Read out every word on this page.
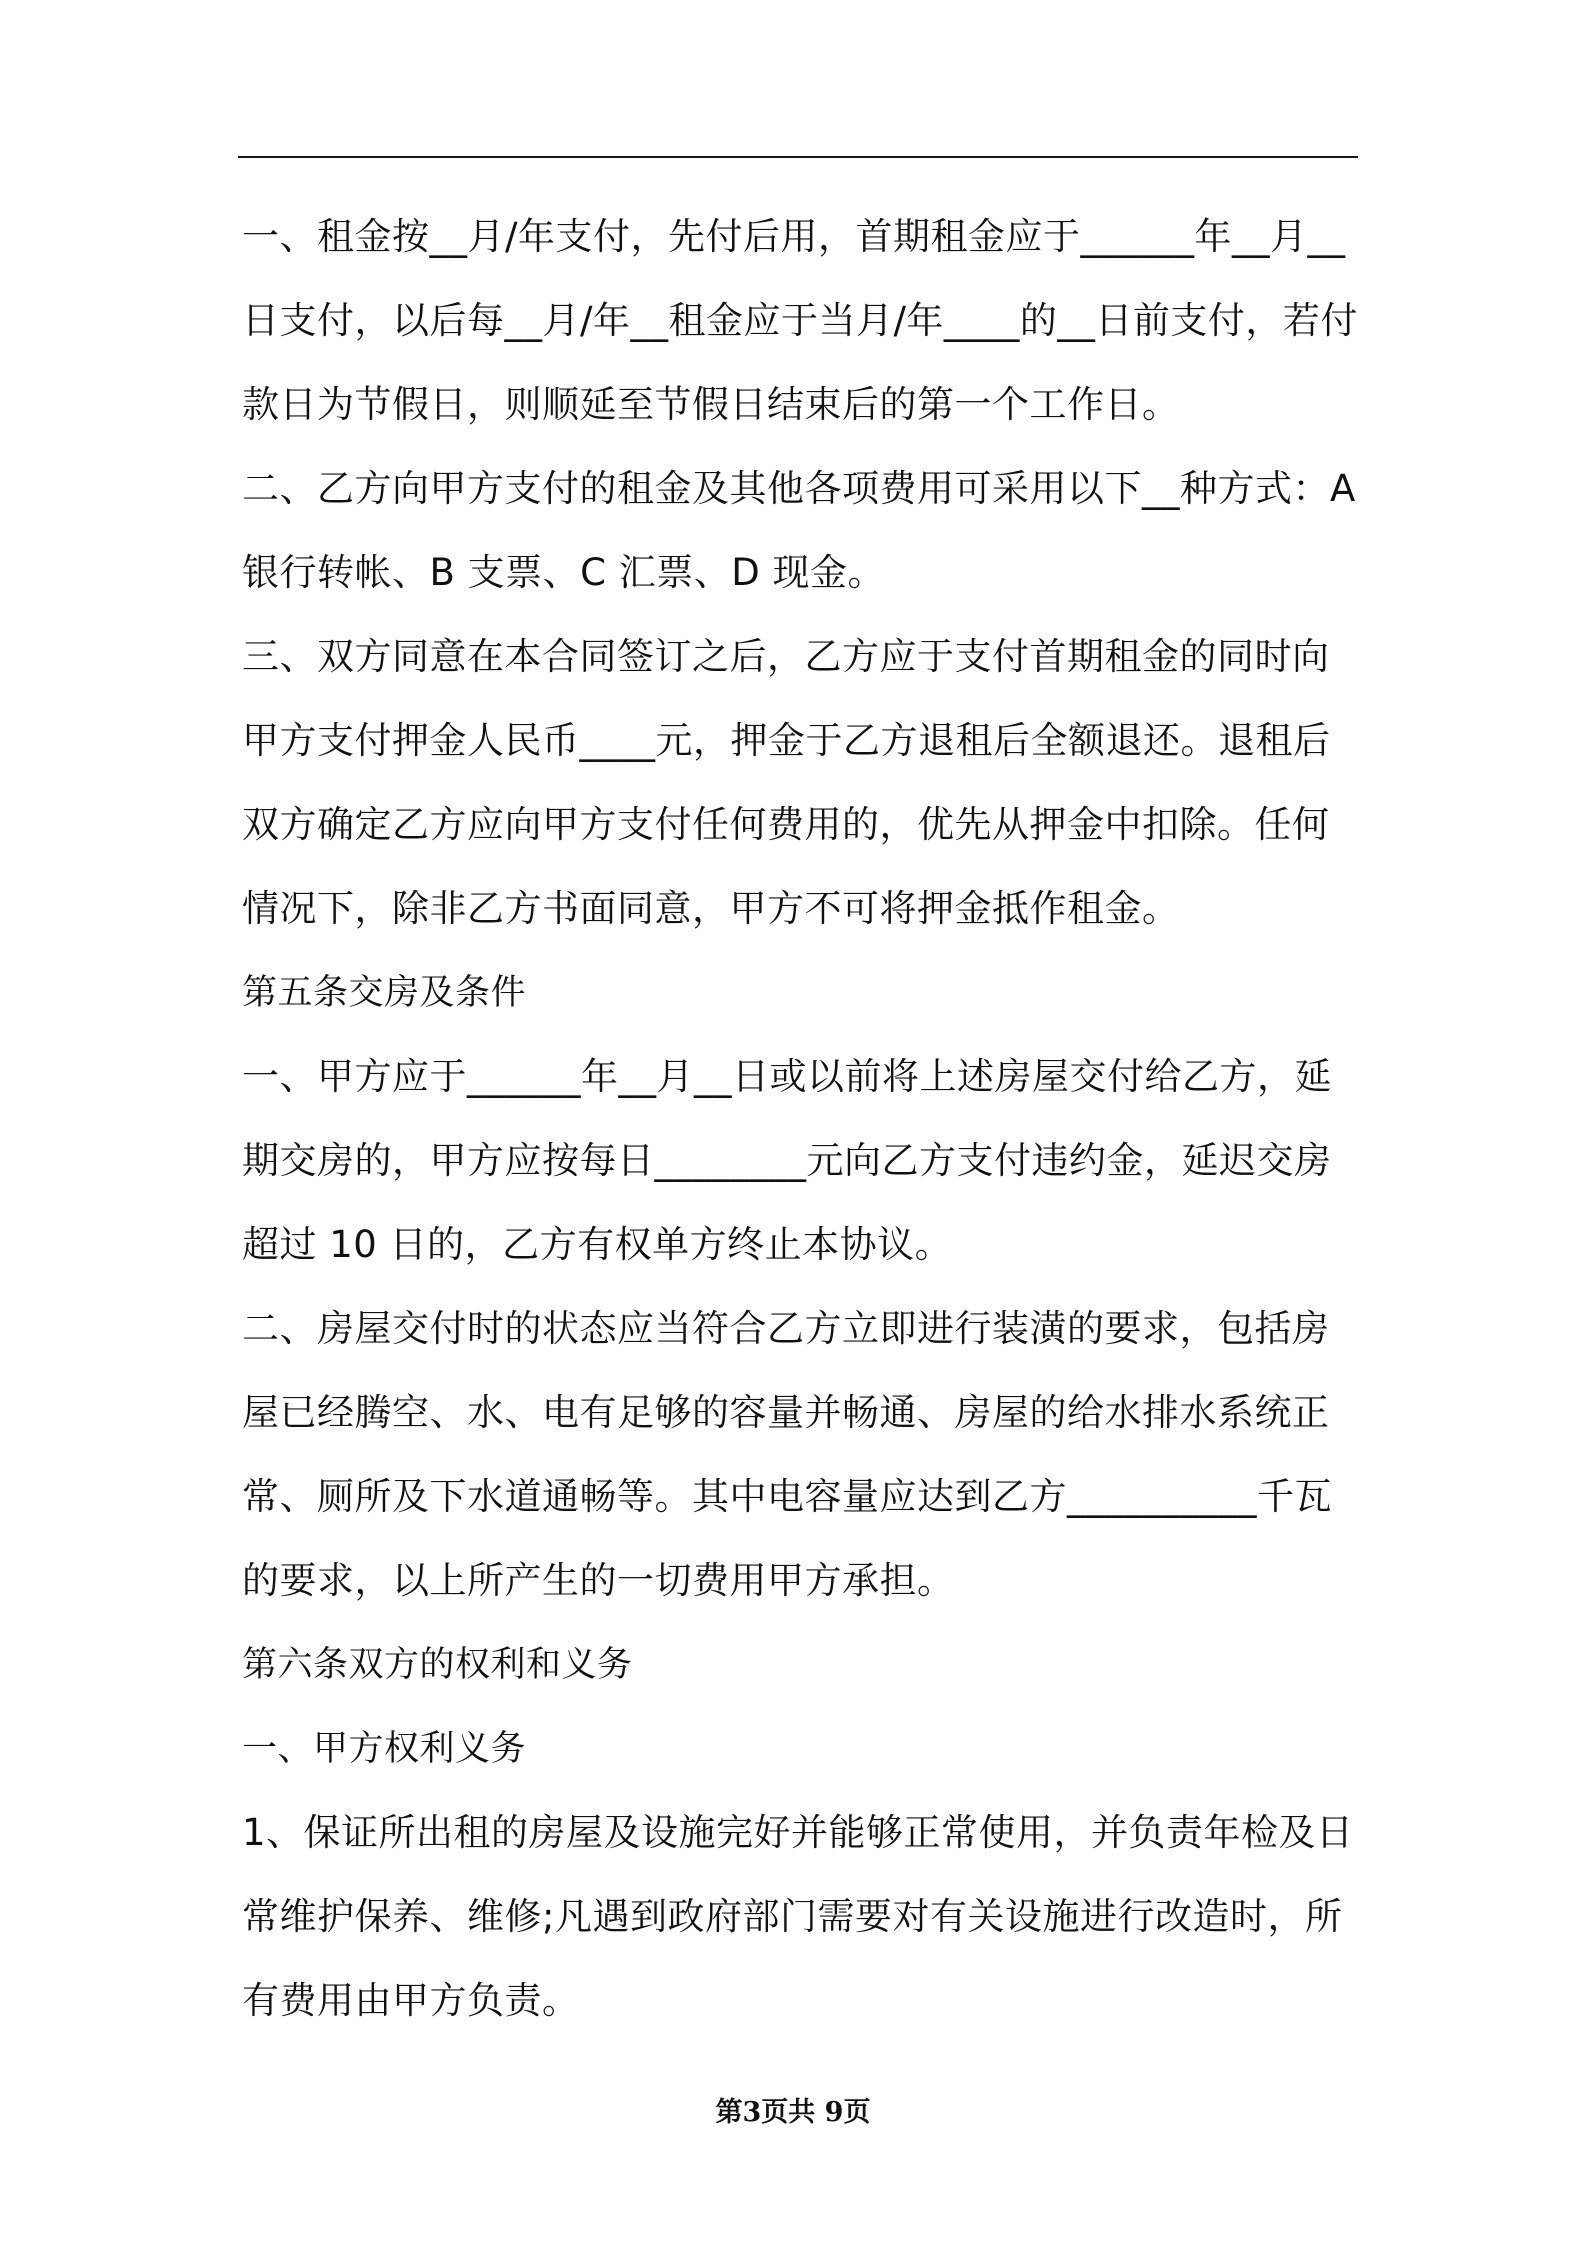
一、租金按__月/年支付，先付后用，首期租金应于______年__月__日支付，以后每__月/年__租金应于当月/年____的__日前支付，若付款日为节假日，则顺延至节假日结束后的第一个工作日。

二、乙方向甲方支付的租金及其他各项费用可采用以下__种方式：A银行转帐、B 支票、C 汇票、D 现金。

三、双方同意在本合同签订之后，乙方应于支付首期租金的同时向甲方支付押金人民币____元，押金于乙方退租后全额退还。退租后双方确定乙方应向甲方支付任何费用的，优先从押金中扣除。任何情况下，除非乙方书面同意，甲方不可将押金抵作租金。

第五条交房及条件

一、甲方应于______年__月__日或以前将上述房屋交付给乙方，延期交房的，甲方应按每日________元向乙方支付违约金，延迟交房超过 10 日的，乙方有权单方终止本协议。

二、房屋交付时的状态应当符合乙方立即进行装潢的要求，包括房屋已经腾空、水、电有足够的容量并畅通、房屋的给水排水系统正常、厕所及下水道通畅等。其中电容量应达到乙方__________千瓦的要求，以上所产生的一切费用甲方承担。

第六条双方的权利和义务

一、甲方权利义务

1、保证所出租的房屋及设施完好并能够正常使用，并负责年检及日常维护保养、维修;凡遇到政府部门需要对有关设施进行改造时，所有费用由甲方负责。

第3页共 9页
